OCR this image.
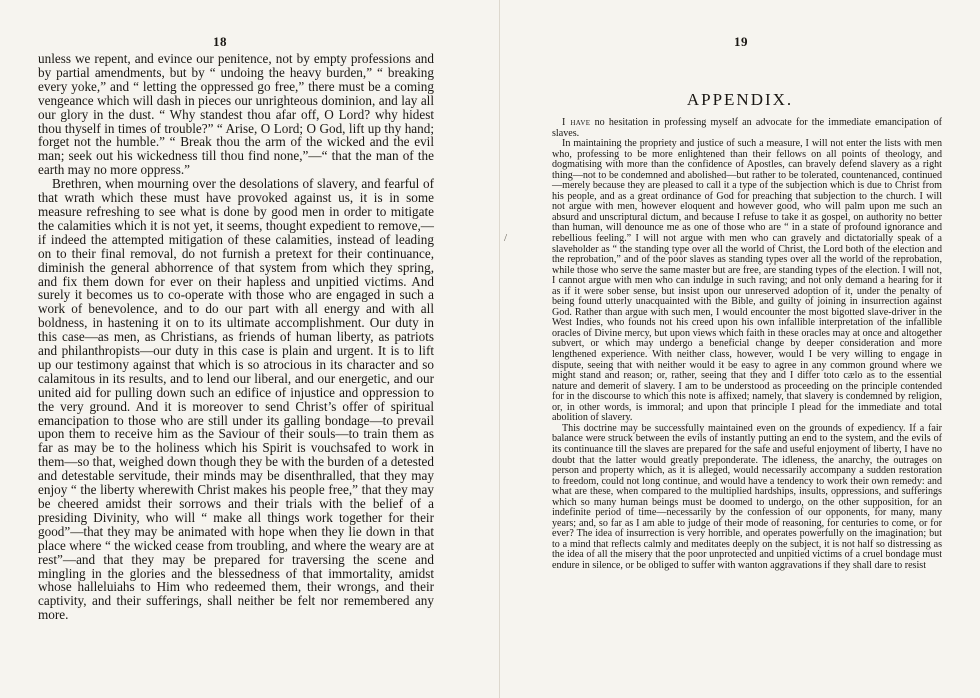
18

unless we repent, and evince our penitence, not by empty professions and by partial amendments, but by “ undoing the heavy burden,” “ breaking every yoke,” and “ letting the oppressed go free,” there must be a coming vengeance which will dash in pieces our unrighteous dominion, and lay all our glory in the dust. “ Why standest thou afar off, O Lord? why hidest thou thyself in times of trouble?” “ Arise, O Lord; O God, lift up thy hand; forget not the humble.” “ Break thou the arm of the wicked and the evil man; seek out his wickedness till thou find none,”—“ that the man of the earth may no more oppress.”

Brethren, when mourning over the desolations of slavery, and fearful of that wrath which these must have provoked against us, it is in some measure refreshing to see what is done by good men in order to mitigate the calamities which it is not yet, it seems, thought expedient to remove,—if indeed the attempted mitigation of these calamities, instead of leading on to their final removal, do not furnish a pretext for their continuance, diminish the general abhorrence of that system from which they spring, and fix them down for ever on their hapless and unpitied victims. And surely it becomes us to co-operate with those who are engaged in such a work of benevolence, and to do our part with all energy and with all boldness, in hastening it on to its ultimate accomplishment. Our duty in this case—as men, as Christians, as friends of human liberty, as patriots and philanthropists—our duty in this case is plain and urgent. It is to lift up our testimony against that which is so atrocious in its character and so calamitous in its results, and to lend our liberal, and our energetic, and our united aid for pulling down such an edifice of injustice and oppression to the very ground. And it is moreover to send Christ’s offer of spiritual emancipation to those who are still under its galling bondage—to prevail upon them to receive him as the Saviour of their souls—to train them as far as may be to the holiness which his Spirit is vouchsafed to work in them—so that, weighed down though they be with the burden of a detested and detestable servitude, their minds may be disenthralled, that they may enjoy “ the liberty wherewith Christ makes his people free,” that they may be cheered amidst their sorrows and their trials with the belief of a presiding Divinity, who will “ make all things work together for their good”—that they may be animated with hope when they lie down in that place where “ the wicked cease from troubling, and where the weary are at rest”—and that they may be prepared for traversing the scene and mingling in the glories and the blessedness of that immortality, amidst whose halleluiahs to Him who redeemed them, their wrongs, and their captivity, and their sufferings, shall neither be felt nor remembered any more.

19
APPENDIX.

I have no hesitation in professing myself an advocate for the immediate emancipation of slaves.

In maintaining the propriety and justice of such a measure, I will not enter the lists with men who, professing to be more enlightened than their fellows on all points of theology, and dogmatising with more than the confidence of Apostles, can bravely defend slavery as a right thing—not to be condemned and abolished—but rather to be tolerated, countenanced, continued—merely because they are pleased to call it a type of the subjection which is due to Christ from his people, and as a great ordinance of God for preaching that subjection to the church. I will not argue with men, however eloquent and however good, who will palm upon me such an absurd and unscriptural dictum, and because I refuse to take it as gospel, on authority no better than human, will denounce me as one of those who are “ in a state of profound ignorance and rebellious feeling.” I will not argue with men who can gravely and dictatorially speak of a slaveholder as “ the standing type over all the world of Christ, the Lord both of the election and the reprobation,” and of the poor slaves as standing types over all the world of the reprobation, while those who serve the same master but are free, are standing types of the election. I will not, I cannot argue with men who can indulge in such raving; and not only demand a hearing for it as if it were sober sense, but insist upon our unreserved adoption of it, under the penalty of being found utterly unacquainted with the Bible, and guilty of joining in insurrection against God. Rather than argue with such men, I would encounter the most bigotted slave-driver in the West Indies, who founds not his creed upon his own infallible interpretation of the infallible oracles of Divine mercy, but upon views which faith in these oracles may at once and altogether subvert, or which may undergo a beneficial change by deeper consideration and more lengthened experience. With neither class, however, would I be very willing to engage in dispute, seeing that with neither would it be easy to agree in any common ground where we might stand and reason; or, rather, seeing that they and I differ toto cælo as to the essential nature and demerit of slavery. I am to be understood as proceeding on the principle contended for in the discourse to which this note is affixed; namely, that slavery is condemned by religion, or, in other words, is immoral; and upon that principle I plead for the immediate and total abolition of slavery.

This doctrine may be successfully maintained even on the grounds of expediency. If a fair balance were struck between the evils of instantly putting an end to the system, and the evils of its continuance till the slaves are prepared for the safe and useful enjoyment of liberty, I have no doubt that the latter would greatly preponderate. The idleness, the anarchy, the outrages on person and property which, as it is alleged, would necessarily accompany a sudden restoration to freedom, could not long continue, and would have a tendency to work their own remedy: and what are these, when compared to the multiplied hardships, insults, oppressions, and sufferings which so many human beings must be doomed to undergo, on the other supposition, for an indefinite period of time—necessarily by the confession of our opponents, for many, many years; and, so far as I am able to judge of their mode of reasoning, for centuries to come, or for ever? The idea of insurrection is very horrible, and operates powerfully on the imagination; but to a mind that reflects calmly and meditates deeply on the subject, it is not half so distressing as the idea of all the misery that the poor unprotected and unpitied victims of a cruel bondage must endure in silence, or be obliged to suffer with wanton aggravations if they shall dare to resist

/
